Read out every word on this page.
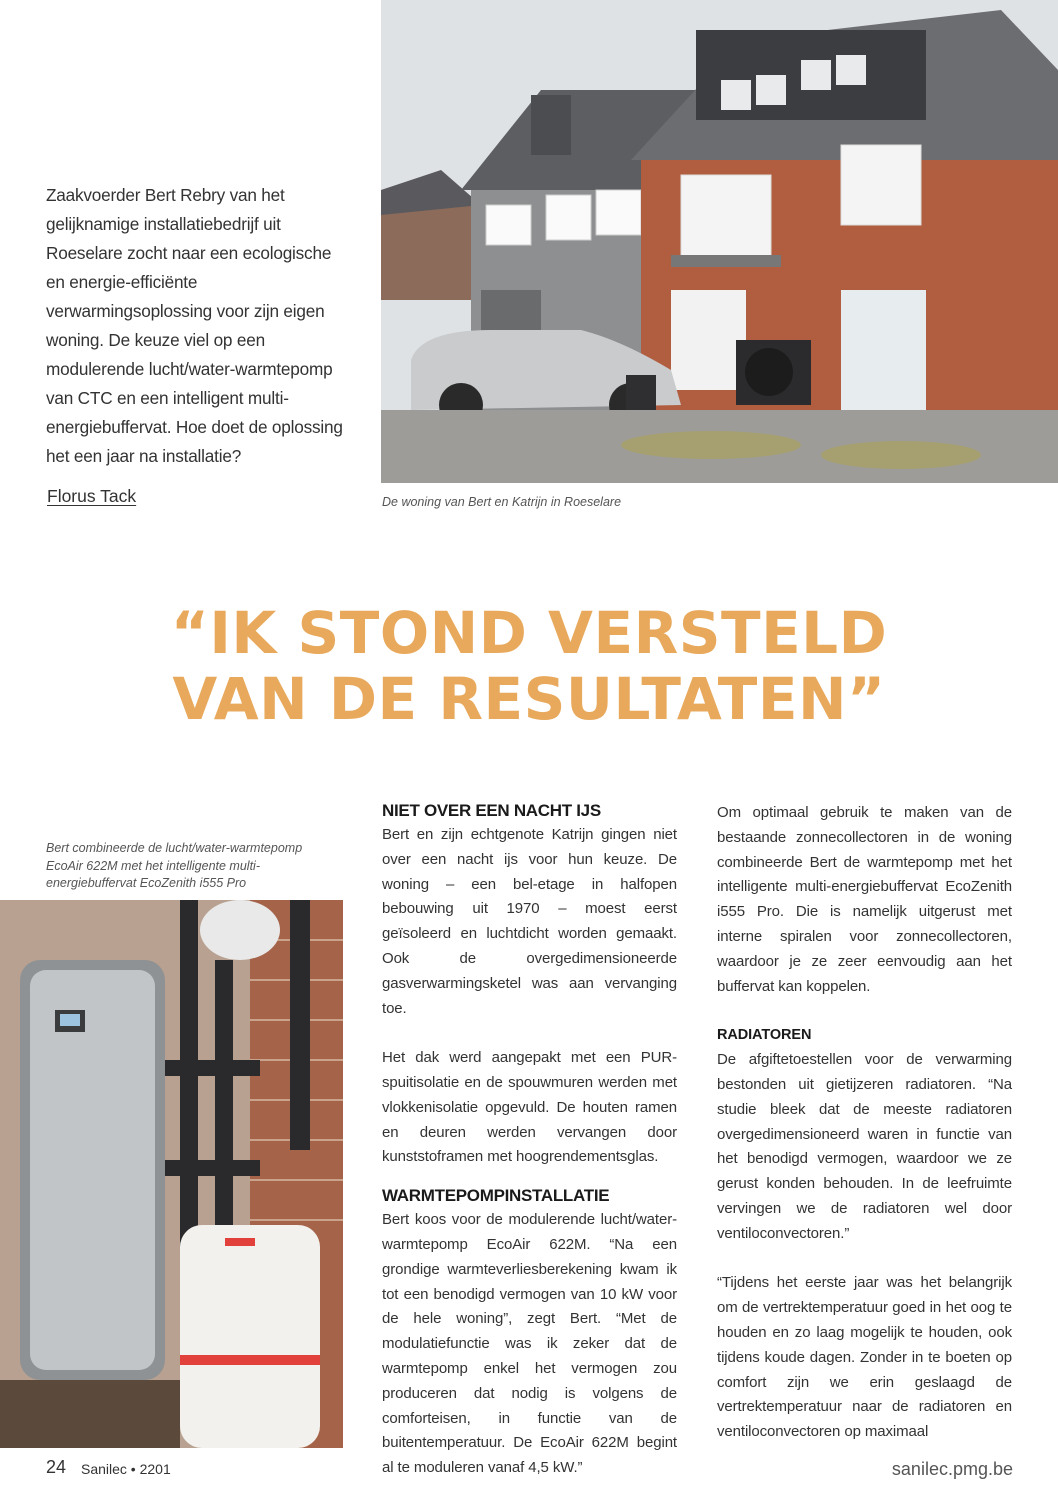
Zaakvoerder Bert Rebry van het gelijknamige installatiebedrijf uit Roeselare zocht naar een ecologische en energie-efficiënte verwarmingsoplossing voor zijn eigen woning. De keuze viel op een modulerende lucht/water-warmtepomp van CTC en een intelligent multi-energiebuffervat. Hoe doet de oplossing het een jaar na installatie?
Florus Tack	De woning van Bert en Katrijn in Roeselare
“IK STOND VERSTELD
VAN DE RESULTATEN”
Bert combineerde de lucht/water-warmtepomp EcoAir 622M met het intelligente multi-energiebuffervat EcoZenith i555 Pro
NIET OVER EEN NACHT IJS

Bert en zijn echtgenote Katrijn gingen niet over een nacht ijs voor hun keuze. De woning – een bel-etage in halfopen bebouwing uit 1970 – moest eerst geïsoleerd en luchtdicht worden gemaakt. Ook de overgedimensioneerde gasverwarmingsketel was aan vervanging toe.

Het dak werd aangepakt met een PUR-spuitisolatie en de spouwmuren werden met vlokkenisolatie opgevuld. De houten ramen en deuren werden vervangen door kunststoframen met hoogrendementsglas.

WARMTEPOMPINSTALLATIE

Bert koos voor de modulerende lucht/water-warmtepomp EcoAir 622M. “Na een grondige warmteverliesberekening kwam ik tot een benodigd vermogen van 10 kW voor de hele woning”, zegt Bert. “Met de modulatiefunctie was ik zeker dat de warmtepomp enkel het vermogen zou produceren dat nodig is volgens de comforteisen, in functie van de buitentemperatuur. De EcoAir 622M begint al te moduleren vanaf 4,5 kW.”

Om optimaal gebruik te maken van de bestaande zonnecollectoren in de woning combineerde Bert de warmtepomp met het intelligente multi-energiebuffervat EcoZenith i555 Pro. Die is namelijk uitgerust met interne spiralen voor zonnecollectoren, waardoor je ze zeer eenvoudig aan het buffervat kan koppelen.

RADIATOREN

De afgiftetoestellen voor de verwarming bestonden uit gietijzeren radiatoren. “Na studie bleek dat de meeste radiatoren overgedimensioneerd waren in functie van het benodigd vermogen, waardoor we ze gerust konden behouden. In de leefruimte vervingen we de radiatoren wel door ventiloconvectoren.”

“Tijdens het eerste jaar was het belangrijk om de vertrektemperatuur goed in het oog te houden en zo laag mogelijk te houden, ook tijdens koude dagen. Zonder in te boeten op comfort zijn we erin geslaagd de vertrektemperatuur naar de radiatoren en ventiloconvectoren op maximaal

24 Sanilec • 2201	sanilec.pmg.be
